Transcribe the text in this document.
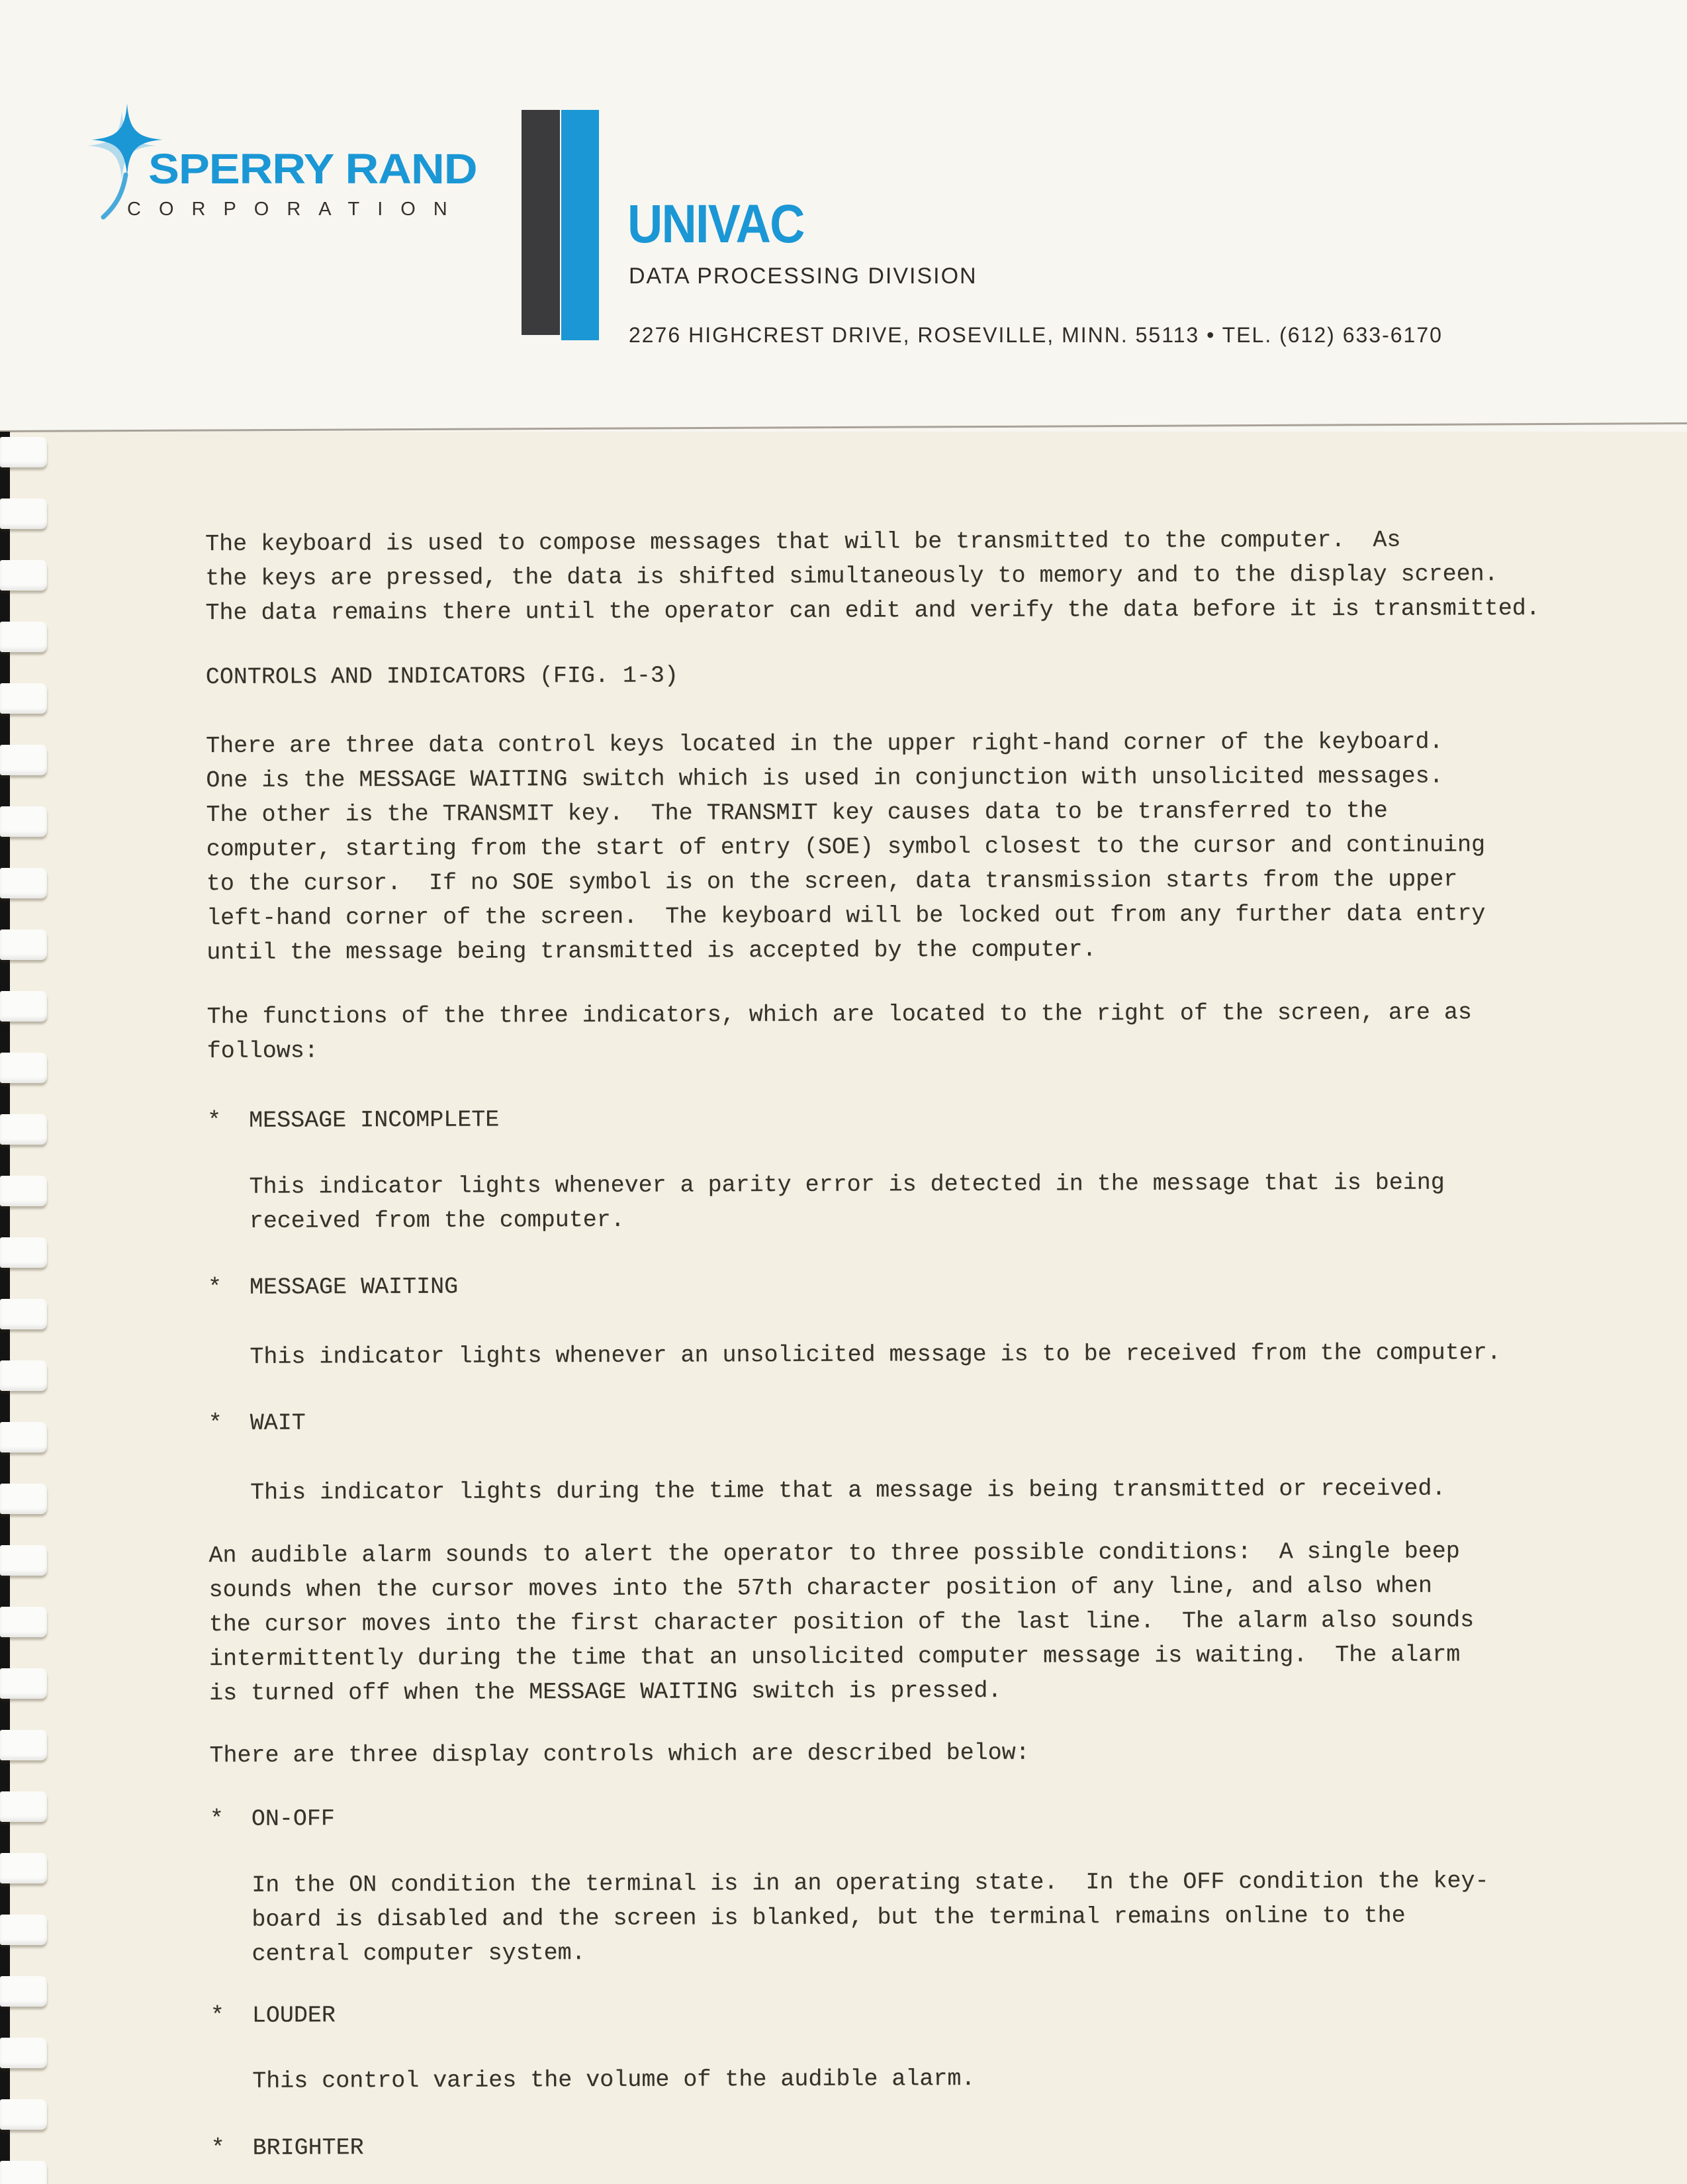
SPERRY RAND
CORPORATION	UNIVAC
DATA PROCESSING DIVISION
2276 HIGHCREST DRIVE, ROSEVILLE, MINN. 55113 • TEL. (612) 633-6170
The keyboard is used to compose messages that will be transmitted to the computer.  As
the keys are pressed, the data is shifted simultaneously to memory and to the display screen.
The data remains there until the operator can edit and verify the data before it is transmitted.
CONTROLS AND INDICATORS (FIG. 1-3)
There are three data control keys located in the upper right-hand corner of the keyboard.
One is the MESSAGE WAITING switch which is used in conjunction with unsolicited messages.
The other is the TRANSMIT key.  The TRANSMIT key causes data to be transferred to the
computer, starting from the start of entry (SOE) symbol closest to the cursor and continuing
to the cursor.  If no SOE symbol is on the screen, data transmission starts from the upper
left-hand corner of the screen.  The keyboard will be locked out from any further data entry
until the message being transmitted is accepted by the computer.
The functions of the three indicators, which are located to the right of the screen, are as
follows:
*  MESSAGE INCOMPLETE
This indicator lights whenever a parity error is detected in the message that is being
received from the computer.
*  MESSAGE WAITING
This indicator lights whenever an unsolicited message is to be received from the computer.
*  WAIT
This indicator lights during the time that a message is being transmitted or received.
An audible alarm sounds to alert the operator to three possible conditions:  A single beep
sounds when the cursor moves into the 57th character position of any line, and also when
the cursor moves into the first character position of the last line.  The alarm also sounds
intermittently during the time that an unsolicited computer message is waiting.  The alarm
is turned off when the MESSAGE WAITING switch is pressed.
There are three display controls which are described below:
*  ON-OFF
In the ON condition the terminal is in an operating state.  In the OFF condition the key-
board is disabled and the screen is blanked, but the terminal remains online to the
central computer system.
*  LOUDER
This control varies the volume of the audible alarm.
*  BRIGHTER
